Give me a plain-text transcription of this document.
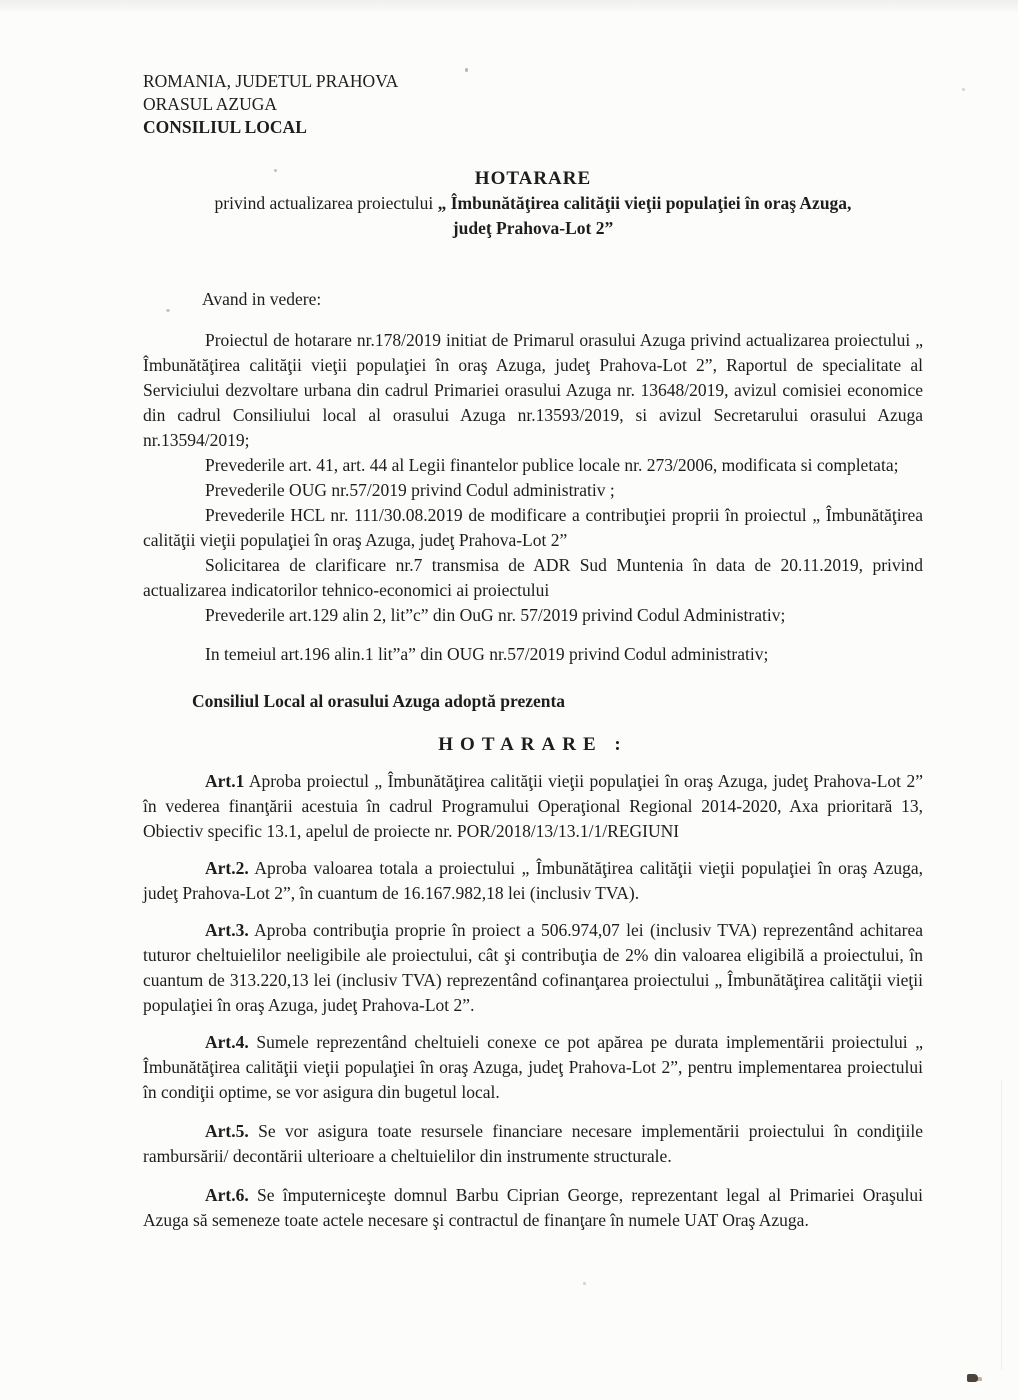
ROMANIA, JUDETUL PRAHOVA
ORASUL AZUGA
CONSILIUL LOCAL
HOTARARE
privind actualizarea proiectului „ Îmbunătăţirea calităţii vieţii populaţiei în oraş Azuga,
judeţ Prahova-Lot 2”

Avand in vedere:

Proiectul de hotarare nr.178/2019 initiat de Primarul orasului Azuga privind actualizarea proiectului „ Îmbunătăţirea calităţii vieţii populaţiei în oraş Azuga, judeţ Prahova-Lot 2”, Raportul de specialitate al Serviciului dezvoltare urbana din cadrul Primariei orasului Azuga nr. 13648/2019, avizul comisiei economice din cadrul Consiliului local al orasului Azuga nr.13593/2019, si avizul Secretarului orasului Azuga nr.13594/2019;

Prevederile art. 41, art. 44 al Legii finantelor publice locale nr. 273/2006, modificata si completata;

Prevederile OUG nr.57/2019 privind Codul administrativ ;

Prevederile HCL nr. 111/30.08.2019 de modificare a contribuţiei proprii în proiectul „ Îmbunătăţirea calităţii vieţii populaţiei în oraş Azuga, judeţ Prahova-Lot 2”

Solicitarea de clarificare nr.7 transmisa de ADR Sud Muntenia în data de 20.11.2019, privind actualizarea indicatorilor tehnico-economici ai proiectului

Prevederile art.129 alin 2, lit”c” din OuG nr. 57/2019 privind Codul Administrativ;

In temeiul art.196 alin.1 lit”a” din OUG nr.57/2019 privind Codul administrativ;

Consiliul Local al orasului Azuga adoptă prezenta

HOTARARE :

Art.1 Aproba proiectul „ Îmbunătăţirea calităţii vieţii populaţiei în oraş Azuga, judeţ Prahova-Lot 2” în vederea finanţării acestuia în cadrul Programului Operaţional Regional 2014-2020, Axa prioritară 13, Obiectiv specific 13.1, apelul de proiecte nr. POR/2018/13/13.1/1/REGIUNI

Art.2. Aproba valoarea totala a proiectului „ Îmbunătăţirea calităţii vieţii populaţiei în oraş Azuga, judeţ Prahova-Lot 2”, în cuantum de 16.167.982,18 lei (inclusiv TVA).

Art.3. Aproba contribuţia proprie în proiect a 506.974,07 lei (inclusiv TVA) reprezentând achitarea tuturor cheltuielilor neeligibile ale proiectului, cât şi contribuţia de 2% din valoarea eligibilă a proiectului, în cuantum de 313.220,13 lei (inclusiv TVA) reprezentând cofinanţarea proiectului „ Îmbunătăţirea calităţii vieţii populaţiei în oraş Azuga, judeţ Prahova-Lot 2”.

Art.4. Sumele reprezentând cheltuieli conexe ce pot apărea pe durata implementării proiectului „ Îmbunătăţirea calităţii vieţii populaţiei în oraş Azuga, judeţ Prahova-Lot 2”, pentru implementarea proiectului în condiţii optime, se vor asigura din bugetul local.

Art.5. Se vor asigura toate resursele financiare necesare implementării proiectului în condiţiile rambursării/ decontării ulterioare a cheltuielilor din instrumente structurale.

Art.6. Se împuterniceşte domnul Barbu Ciprian George, reprezentant legal al Primariei Oraşului Azuga să semeneze toate actele necesare şi contractul de finanţare în numele UAT Oraş Azuga.
